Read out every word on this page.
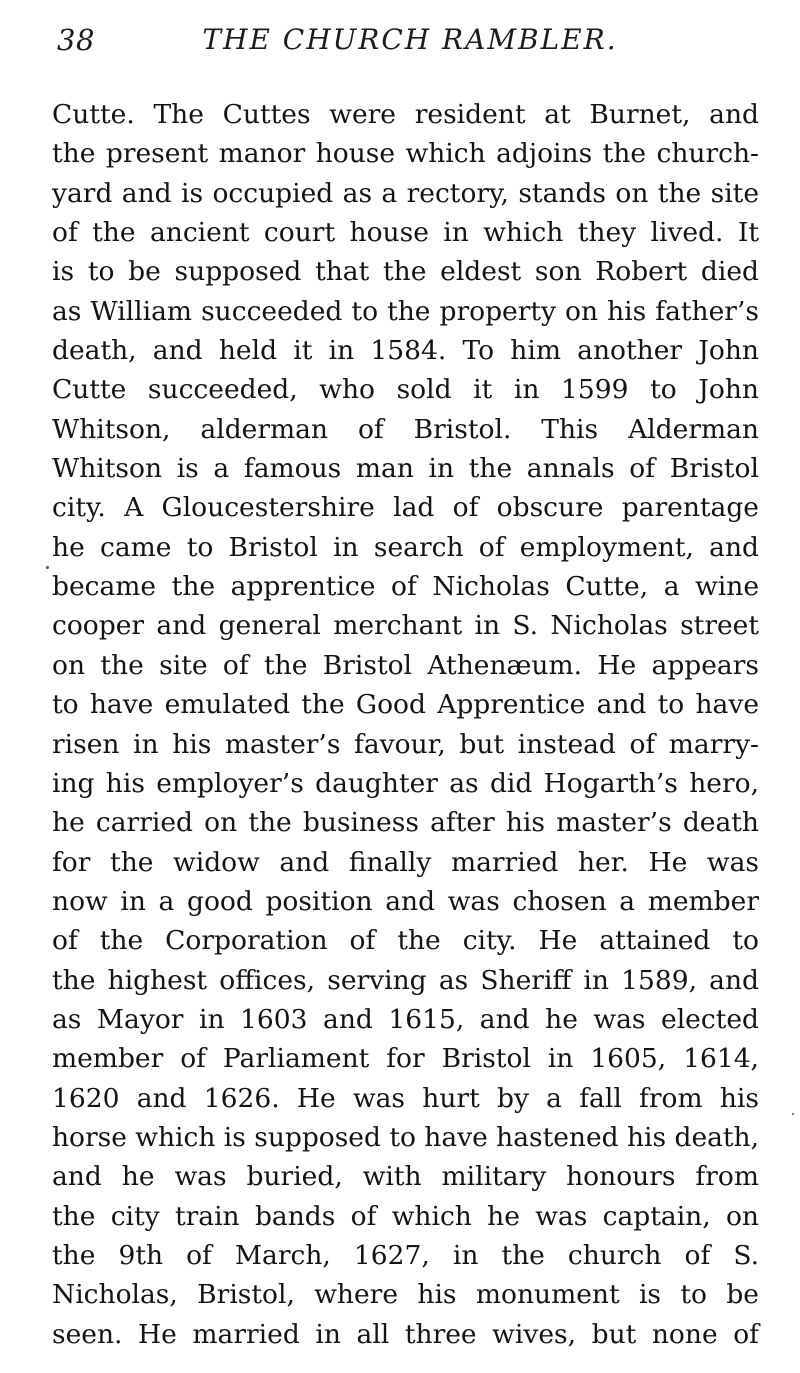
38	THE CHURCH RAMBLER.
Cutte. The Cuttes were resident at Burnet, and
the present manor house which adjoins the church-
yard and is occupied as a rectory, stands on the site
of the ancient court house in which they lived. It
is to be supposed that the eldest son Robert died
as William succeeded to the property on his father’s
death, and held it in 1584. To him another John
Cutte succeeded, who sold it in 1599 to John
Whitson, alderman of Bristol. This Alderman
Whitson is a famous man in the annals of Bristol
city. A Gloucestershire lad of obscure parentage
he came to Bristol in search of employment, and
became the apprentice of Nicholas Cutte, a wine
cooper and general merchant in S. Nicholas street
on the site of the Bristol Athenæum. He appears
to have emulated the Good Apprentice and to have
risen in his master’s favour, but instead of marry-
ing his employer’s daughter as did Hogarth’s hero,
he carried on the business after his master’s death
for the widow and finally married her. He was
now in a good position and was chosen a member
of the Corporation of the city. He attained to
the highest offices, serving as Sheriff in 1589, and
as Mayor in 1603 and 1615, and he was elected
member of Parliament for Bristol in 1605, 1614,
1620 and 1626. He was hurt by a fall from his
horse which is supposed to have hastened his death,
and he was buried, with military honours from
the city train bands of which he was captain, on
the 9th of March, 1627, in the church of S.
Nicholas, Bristol, where his monument is to be
seen. He married in all three wives, but none of
